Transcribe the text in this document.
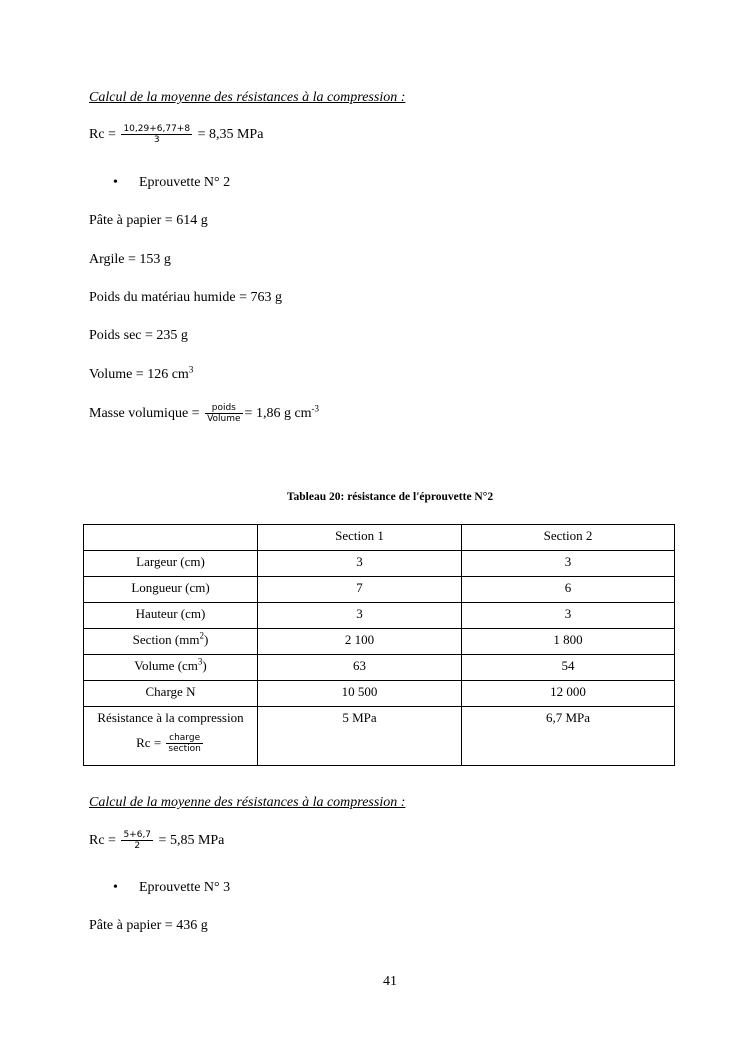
Calcul de la moyenne des résistances à la compression :
$Rc = \frac{10,29+6,77+8}{3} = 8,35$ MPa
• Eprouvette N° 2
Pâte à papier = 614 g
Argile = 153 g
Poids du matériau humide = 763 g
Poids sec = 235 g
Volume = 126 $cm^3$
Masse volumique = $\frac{\text{poids}}{\text{Volume}} = 1,86$ g $cm^{-3}$
Tableau 20: résistance de l'éprouvette N°2
	Section 1	Section 2
Largeur (cm)	3	3
Longueur (cm)	7	6
Hauteur (cm)	3	3
Section $(mm^2)$	2 100	1 800
Volume $(cm^3)$	63	54
Charge N	10 500	12 000
Résistance à la compression
$Rc = \frac{\text{charge}}{\text{section}}$	5 MPa	6,7 MPa
Calcul de la moyenne des résistances à la compression :
$Rc = \frac{5+6,7}{2} = 5,85$ MPa
• Eprouvette N° 3
Pâte à papier = 436 g
41
